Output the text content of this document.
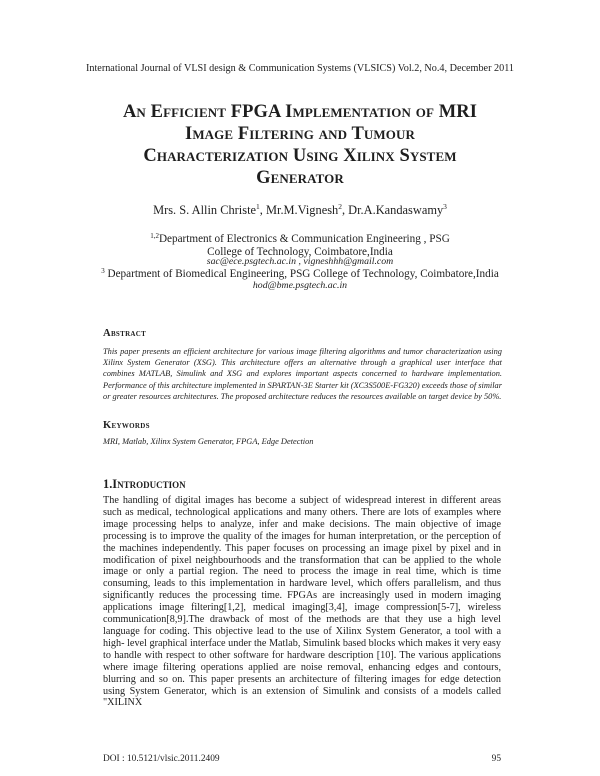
International Journal of VLSI design & Communication Systems (VLSICS) Vol.2, No.4, December 2011
An Efficient FPGA Implementation of MRI
Image Filtering and Tumour
Characterization Using Xilinx System
Generator
Mrs. S. Allin Christe$^1$, Mr.M.Vignesh$^2$, Dr.A.Kandaswamy$^3$
$^{1,2}$Department of Electronics & Communication Engineering , PSG College of Technology, Coimbatore,India
sac@ece.psgtech.ac.in , vigneshhh@gmail.com
$^3$ Department of Biomedical Engineering, PSG College of Technology, Coimbatore,India
hod@bme.psgtech.ac.in
Abstract
This paper presents an efficient architecture for various image filtering algorithms and tumor characterization using Xilinx System Generator (XSG). This architecture offers an alternative through a graphical user interface that combines MATLAB, Simulink and XSG and explores important aspects concerned to hardware implementation. Performance of this architecture implemented in SPARTAN-3E Starter kit (XC3S500E-FG320) exceeds those of similar or greater resources architectures. The proposed architecture reduces the resources available on target device by 50%.
Keywords
MRI, Matlab, Xilinx System Generator, FPGA, Edge Detection
1.Introduction
The handling of digital images has become a subject of widespread interest in different areas such as medical, technological applications and many others. There are lots of examples where image processing helps to analyze, infer and make decisions. The main objective of image processing is to improve the quality of the images for human interpretation, or the perception of the machines independently. This paper focuses on processing an image pixel by pixel and in modification of pixel neighbourhoods and the transformation that can be applied to the whole image or only a partial region. The need to process the image in real time, which is time consuming, leads to this implementation in hardware level, which offers parallelism, and thus significantly reduces the processing time. FPGAs are increasingly used in modern imaging applications image filtering[1,2], medical imaging[3,4], image compression[5-7], wireless communication[8,9].The drawback of most of the methods are that they use a high level language for coding. This objective lead to the use of Xilinx System Generator, a tool with a high- level graphical interface under the Matlab, Simulink based blocks which makes it very easy to handle with respect to other software for hardware description [10]. The various applications where image filtering operations applied are noise removal, enhancing edges and contours, blurring and so on. This paper presents an architecture of filtering images for edge detection using System Generator, which is an extension of Simulink and consists of a models called "XILINX
DOI : 10.5121/vlsic.2011.2409	95
